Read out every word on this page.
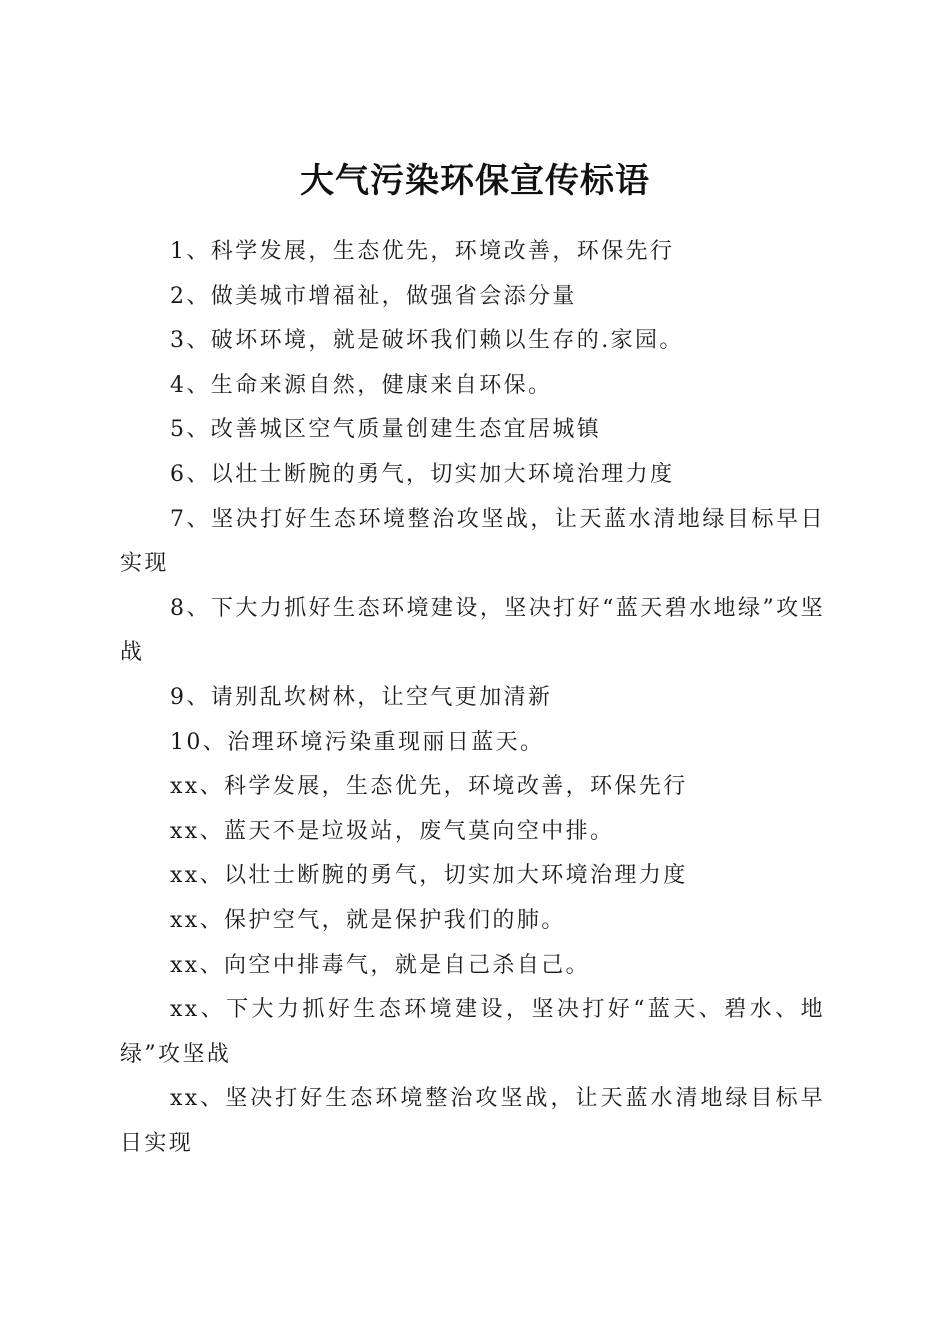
大气污染环保宣传标语
1、科学发展，生态优先，环境改善，环保先行
2、做美城市增福祉，做强省会添分量
3、破坏环境，就是破坏我们赖以生存的.家园。
4、生命来源自然，健康来自环保。
5、改善城区空气质量创建生态宜居城镇
6、以壮士断腕的勇气，切实加大环境治理力度
7、坚决打好生态环境整治攻坚战，让天蓝水清地绿目标早日实现
8、下大力抓好生态环境建设，坚决打好“蓝天碧水地绿”攻坚战
9、请别乱坎树林，让空气更加清新
10、治理环境污染重现丽日蓝天。
xx、科学发展，生态优先，环境改善，环保先行
xx、蓝天不是垃圾站，废气莫向空中排。
xx、以壮士断腕的勇气，切实加大环境治理力度
xx、保护空气，就是保护我们的肺。
xx、向空中排毒气，就是自己杀自己。
xx、下大力抓好生态环境建设，坚决打好“蓝天、碧水、地绿”攻坚战
xx、坚决打好生态环境整治攻坚战，让天蓝水清地绿目标早日实现
